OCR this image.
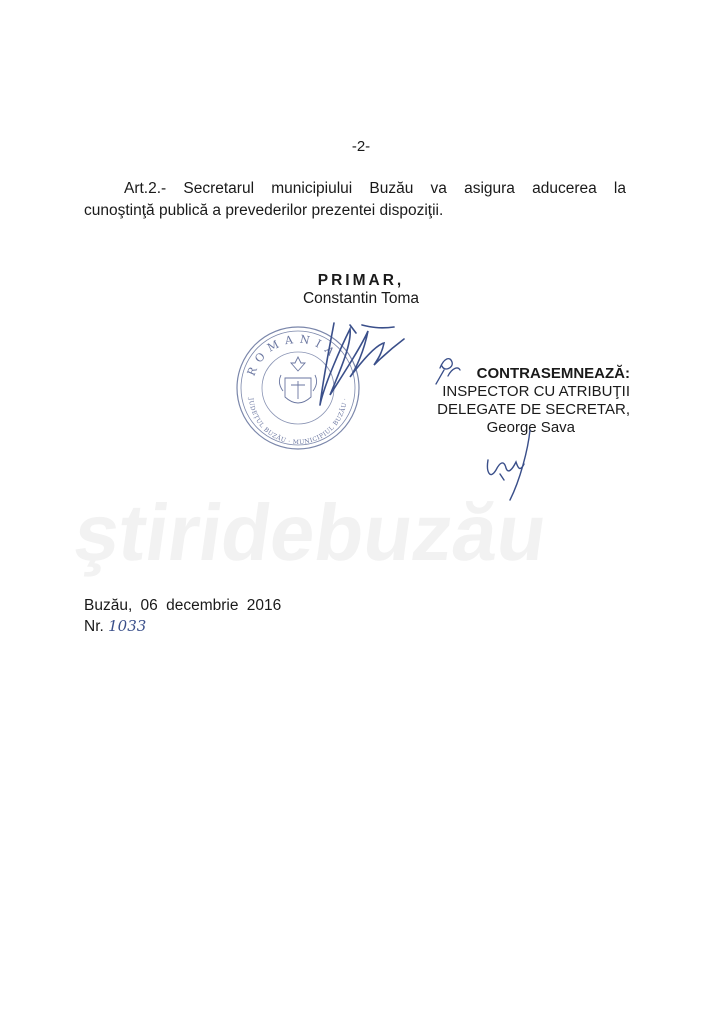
ştiridebuzău
-2-
Art.2.- Secretarul municipiului Buzău va asigura aducerea la
cunoştinţă publică a prevederilor prezentei dispoziţii.
PRIMAR,
Constantin Toma
ROMANIA
JUDEȚUL BUZĂU · MUNICIPIUL BUZĂU · PRIMAR
CONTRASEMNEAZĂ:
INSPECTOR CU ATRIBUŢII
DELEGATE DE SECRETAR,
George Sava
Buzău, 06 decembrie 2016
Nr. 1033
